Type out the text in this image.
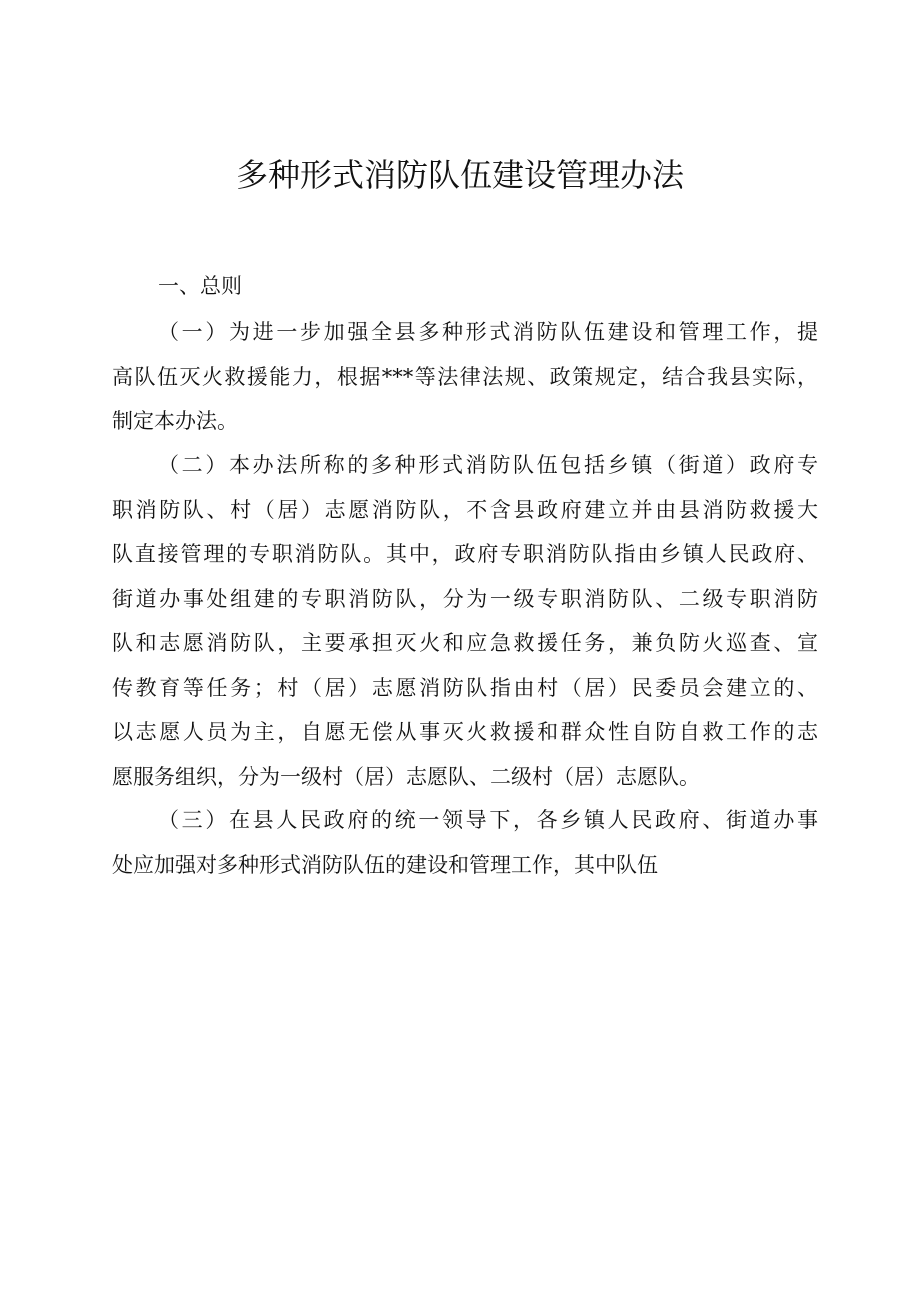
多种形式消防队伍建设管理办法
一、总则
（一）为进一步加强全县多种形式消防队伍建设和管理工作，提
高队伍灭火救援能力，根据***等法律法规、政策规定，结合我县实际，
制定本办法。
（二）本办法所称的多种形式消防队伍包括乡镇（街道）政府专
职消防队、村（居）志愿消防队，不含县政府建立并由县消防救援大
队直接管理的专职消防队。其中，政府专职消防队指由乡镇人民政府、
街道办事处组建的专职消防队，分为一级专职消防队、二级专职消防
队和志愿消防队，主要承担灭火和应急救援任务，兼负防火巡查、宣
传教育等任务；村（居）志愿消防队指由村（居）民委员会建立的、
以志愿人员为主，自愿无偿从事灭火救援和群众性自防自救工作的志
愿服务组织，分为一级村（居）志愿队、二级村（居）志愿队。
（三）在县人民政府的统一领导下，各乡镇人民政府、街道办事
处应加强对多种形式消防队伍的建设和管理工作，其中队伍
